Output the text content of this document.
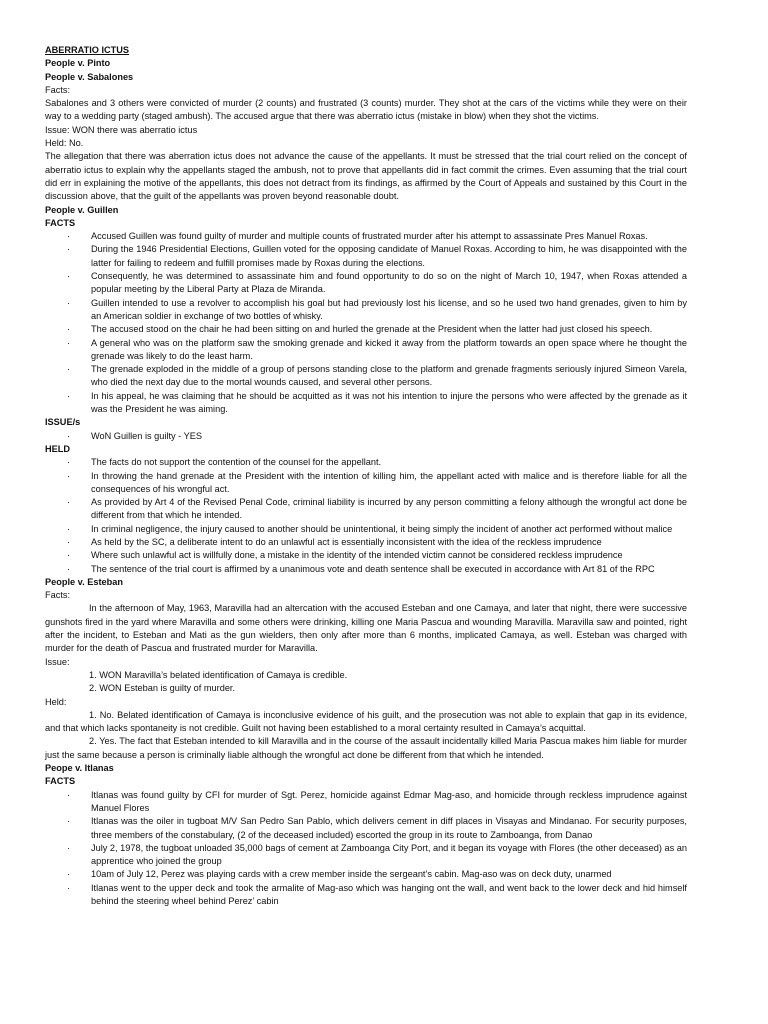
ABERRATIO ICTUS
People v. Pinto
People v. Sabalones
Facts:
Sabalones and 3 others were convicted of murder (2 counts) and frustrated (3 counts) murder. They shot at the cars of the victims while they were on their way to a wedding party (staged ambush). The accused argue that there was aberratio ictus (mistake in blow) when they shot the victims.
Issue: WON there was aberratio ictus
Held: No.
The allegation that there was aberration ictus does not advance the cause of the appellants. It must be stressed that the trial court relied on the concept of aberratio ictus to explain why the appellants staged the ambush, not to prove that appellants did in fact commit the crimes. Even assuming that the trial court did err in explaining the motive of the appellants, this does not detract from its findings, as affirmed by the Court of Appeals and sustained by this Court in the discussion above, that the guilt of the appellants was proven beyond reasonable doubt.
People v. Guillen
FACTS
·	Accused Guillen was found guilty of murder and multiple counts of frustrated murder after his attempt to assassinate Pres Manuel Roxas.
·	During the 1946 Presidential Elections, Guillen voted for the opposing candidate of Manuel Roxas. According to him, he was disappointed with the latter for failing to redeem and fulfill promises made by Roxas during the elections.
·	Consequently, he was determined to assassinate him and found opportunity to do so on the night of March 10, 1947, when Roxas attended a popular meeting by the Liberal Party at Plaza de Miranda.
·	Guillen intended to use a revolver to accomplish his goal but had previously lost his license, and so he used two hand grenades, given to him by an American soldier in exchange of two bottles of whisky.
·	The accused stood on the chair he had been sitting on and hurled the grenade at the President when the latter had just closed his speech.
·	A general who was on the platform saw the smoking grenade and kicked it away from the platform towards an open space where he thought the grenade was likely to do the least harm.
·	The grenade exploded in the middle of a group of persons standing close to the platform and grenade fragments seriously injured Simeon Varela, who died the next day due to the mortal wounds caused, and several other persons.
·	In his appeal, he was claiming that he should be acquitted as it was not his intention to injure the persons who were affected by the grenade as it was the President he was aiming.
ISSUE/s
·	WoN Guillen is guilty - YES
HELD
·	The facts do not support the contention of the counsel for the appellant.
·	In throwing the hand grenade at the President with the intention of killing him, the appellant acted with malice and is therefore liable for all the consequences of his wrongful act.
·	As provided by Art 4 of the Revised Penal Code, criminal liability is incurred by any person committing a felony although the wrongful act done be different from that which he intended.
·	In criminal negligence, the injury caused to another should be unintentional, it being simply the incident of another act performed without malice
·	As held by the SC, a deliberate intent to do an unlawful act is essentially inconsistent with the idea of the reckless imprudence
·	Where such unlawful act is willfully done, a mistake in the identity of the intended victim cannot be considered reckless imprudence
·	The sentence of the trial court is affirmed by a unanimous vote and death sentence shall be executed in accordance with Art 81 of the RPC
People v. Esteban
Facts:
In the afternoon of May, 1963, Maravilla had an altercation with the accused Esteban and one Camaya, and later that night, there were successive gunshots fired in the yard where Maravilla and some others were drinking, killing one Maria Pascua and wounding Maravilla. Maravilla saw and pointed, right after the incident, to Esteban and Mati as the gun wielders, then only after more than 6 months, implicated Camaya, as well. Esteban was charged with murder for the death of Pascua and frustrated murder for Maravilla.
Issue:
1. WON Maravilla’s belated identification of Camaya is credible.
2. WON Esteban is guilty of murder.
Held:
1. No. Belated identification of Camaya is inconclusive evidence of his guilt, and the prosecution was not able to explain that gap in its evidence, and that which lacks spontaneity is not credible. Guilt not having been established to a moral certainty resulted in Camaya’s acquittal.
2. Yes. The fact that Esteban intended to kill Maravilla and in the course of the assault incidentally killed Maria Pascua makes him liable for murder just the same because a person is criminally liable although the wrongful act done be different from that which he intended.
Peope v. Itlanas
FACTS
·	Itlanas was found guilty by CFI for murder of Sgt. Perez, homicide against Edmar Mag-aso, and homicide through reckless imprudence against Manuel Flores
·	Itlanas was the oiler in tugboat M/V San Pedro San Pablo, which delivers cement in diff places in Visayas and Mindanao. For security purposes, three members of the constabulary, (2 of the deceased included) escorted the group in its route to Zamboanga, from Danao
·	July 2, 1978, the tugboat unloaded 35,000 bags of cement at Zamboanga City Port, and it began its voyage with Flores (the other deceased) as an apprentice who joined the group
·	10am of July 12, Perez was playing cards with a crew member inside the sergeant’s cabin. Mag-aso was on deck duty, unarmed
·	Itlanas went to the upper deck and took the armalite of Mag-aso which was hanging ont the wall, and went back to the lower deck and hid himself behind the steering wheel behind Perez’ cabin
